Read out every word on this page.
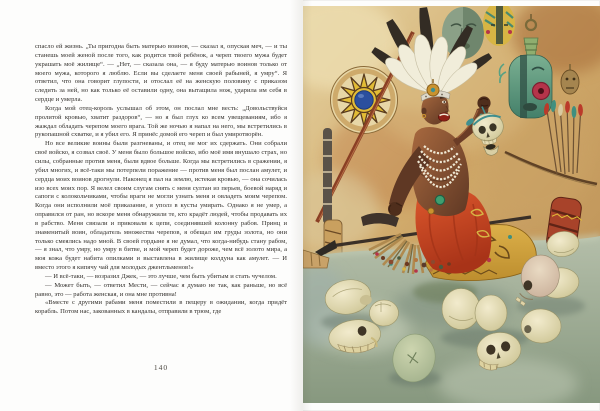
спасло ей жизнь. „Ты пригодна быть матерью воинов, — сказал я, опуская меч, — и ты станешь моей женой после того, как родится твой ребёнок, а череп твоего мужа будет украшать моё жилище“. — „Нет, — сказала она, — я буду матерью воинов только от моего мужа, которого я люблю. Если вы сделаете меня своей рабыней, я умру“. Я ответил, что она говорит глупости, и отослал её на женскую половину с приказом следить за ней, но как только её оставили одну, она вытащила нож, ударила им себя в сердце и умерла.

Когда мой отец-король услышал об этом, он послал мне весть: „Довольствуйся пролитой кровью, хватит раздоров“, — но я был глух ко всем увещеваниям, ибо я жаждал обладать черепом моего врага. Той же ночью я напал на него, мы встретились в рукопашной схватке, и я убил его. Я принёс домой его череп и был умиротворён.

Но все великие воины были разгневаны, и отец не мог их сдержать. Они собрали своё войско, я созвал своё. У меня было большое войско, ибо моё имя внушало страх, но силы, собранные против меня, были вдвое больше. Когда мы встретились в сражении, я убил многих, и всё-таки мы потерпели поражение — против меня был послан амулет, и сердца моих воинов дрогнули. Наконец я пал на землю, истекая кровью, — она сочилась изо всех моих пор. Я велел своим слугам снять с меня султан из перьев, боевой наряд и сапоги с колокольчиками, чтобы враги не могли узнать меня и овладеть моим черепом. Когда они исполнили моё приказание, я уполз в кусты умирать. Однако я не умер, а оправился от ран, но вскоре меня обнаружили те, кто крадёт людей, чтобы продавать их в рабство. Меня связали и приковали к цепи, соединявшей колонну рабов. Принц и знаменитый воин, обладатель множества черепов, я обещал им груды золота, но они только смеялись надо мной. В своей гордыне я не думал, что когда-нибудь стану рабом, — я знал, что умру, но умру в битве, и мой череп будет дороже, чем всё золото мира, а моя кожа будет набита опилками и выставлена в жилище колдуна как амулет. — И вместо этого я кипячу чай для молодых джентльменов!»

— И всё-таки, — возразил Джек, — это лучше, чем быть убитым и стать чучелом.

— Может быть, — ответил Мести, — сейчас я думаю не так, как раньше, но всё равно, это — работа женская, и она мне противна!

«Вместе с другими рабами меня поместили в пещеру в ожидании, когда придёт корабль. Потом нас, закованных в кандалы, отправили в трюм, где

140
